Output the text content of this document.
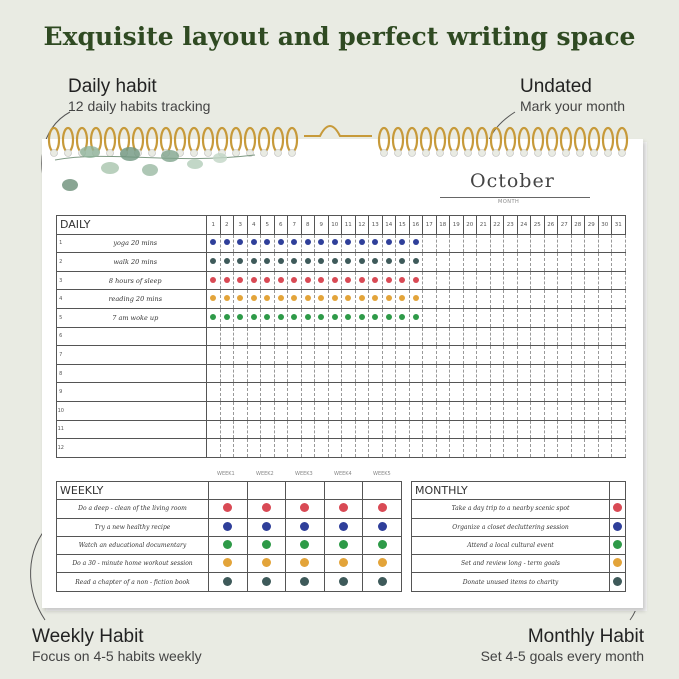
Exquisite layout and perfect writing space
Daily habit
12 daily habits tracking
Undated
Mark your month
Weekly Habit
Focus on 4-5 habits weekly
Monthly Habit
Set 4-5 goals every month
October
MONTH
DAILY		1	2	3	4	5	6	7	8	9	10	11	12	13	14	15	16	17	18	19	20	21	22	23	24	25	26	27	28	29	30	31
1	yoga 20 mins																															
2	walk 20 mins																															
3	8 hours of sleep																															
4	reading 20 mins																															
5	7 am woke up																															
6																																
7																																
8																																
9																																
10																																
11																																
12																																
WEEK1	WEEK2	WEEK3	WEEK4	WEEK5
WEEKLY					
Do a deep - clean of the living room					
Try a new healthy recipe					
Watch an educational documentary					
Do a 30 - minute home workout session					
Read a chapter of a non - fiction book					
MONTHLY	
Take a day trip to a nearby scenic spot	
Organize a closet decluttering session	
Attend a local cultural event	
Set and review long - term goals	
Donate unused items to charity	
